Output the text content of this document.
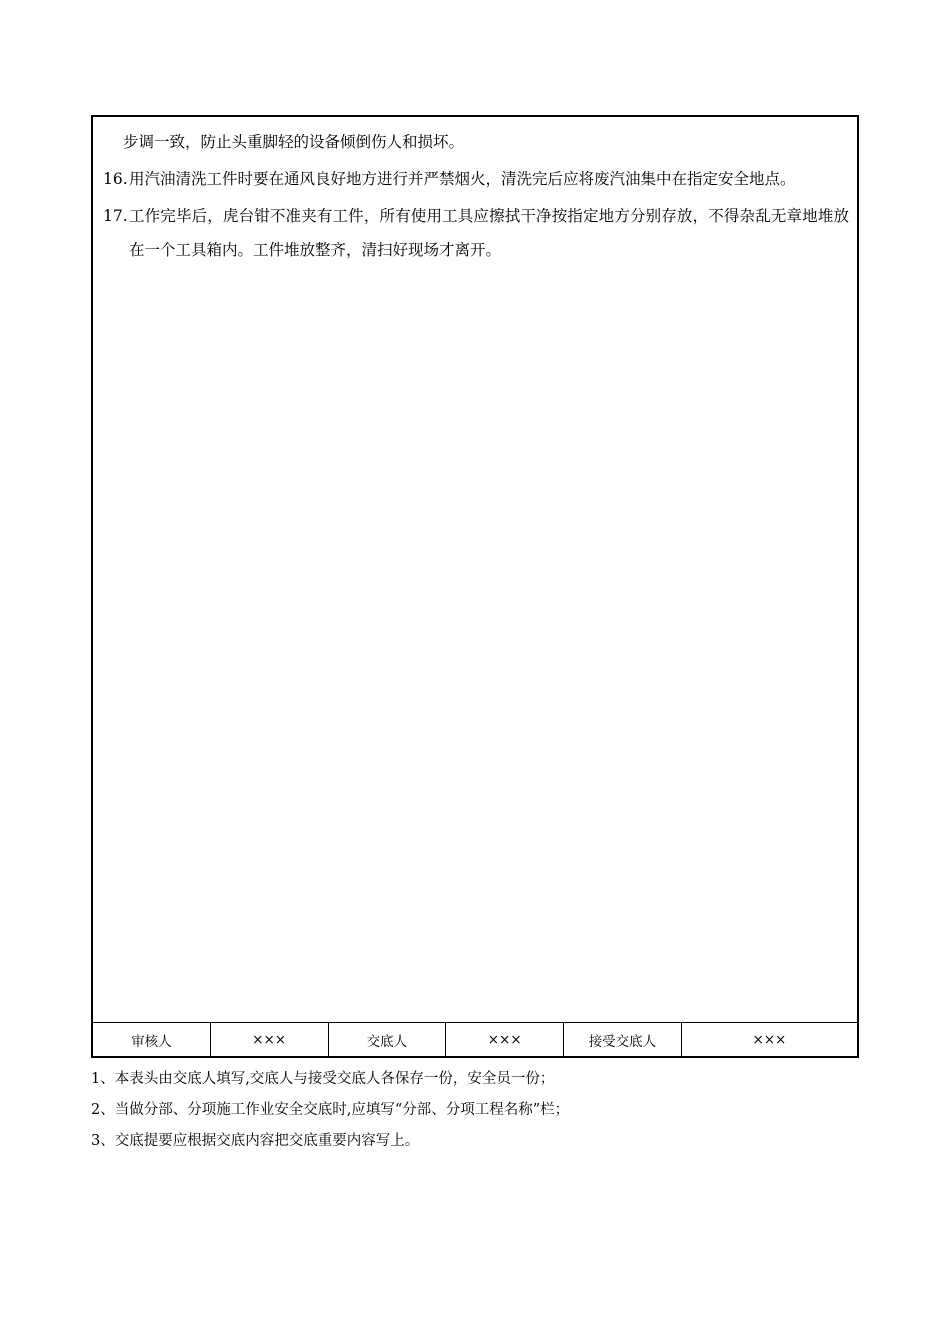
步调一致，防止头重脚轻的设备倾倒伤人和损坏。

16. 用汽油清洗工件时要在通风良好地方进行并严禁烟火，清洗完后应将废汽油集中在指定安全地点。
17. 工作完毕后，虎台钳不准夹有工件，所有使用工具应擦拭干净按指定地方分别存放，不得杂乱无章地堆放在一个工具箱内。工件堆放整齐，清扫好现场才离开。
审核人	×××	交底人	×××	接受交底人	×××
1、本表头由交底人填写,交底人与接受交底人各保存一份，安全员一份；
2、当做分部、分项施工作业安全交底时,应填写“分部、分项工程名称”栏；
3、交底提要应根据交底内容把交底重要内容写上。
